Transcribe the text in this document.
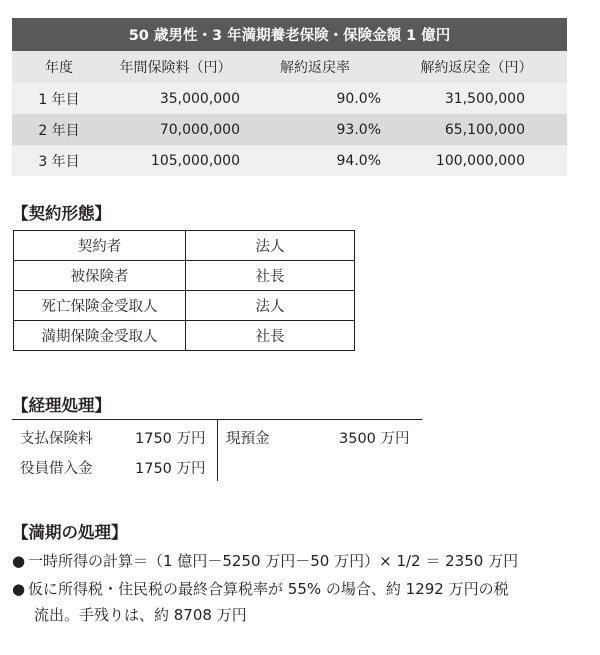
50 歳男性・3 年満期養老保険・保険金額 1 億円			
年度	年間保険料（円）	解約返戻率	解約返戻金（円）
1 年目	35,000,000	90.0%	31,500,000
2 年目	70,000,000	93.0%	65,100,000
3 年目	105,000,000	94.0%	100,000,000
【契約形態】
契約者	法人
被保険者	社長
死亡保険金受取人	法人
満期保険金受取人	社長
【経理処理】
支払保険料	1750 万円 現預金	3500 万円
役員借入金	1750 万円
【満期の処理】
● 一時所得の計算＝（1 億円－5250 万円－50 万円）× 1/2 ＝ 2350 万円
● 仮に所得税・住民税の最終合算税率が 55% の場合、約 1292 万円の税
流出。手残りは、約 8708 万円
